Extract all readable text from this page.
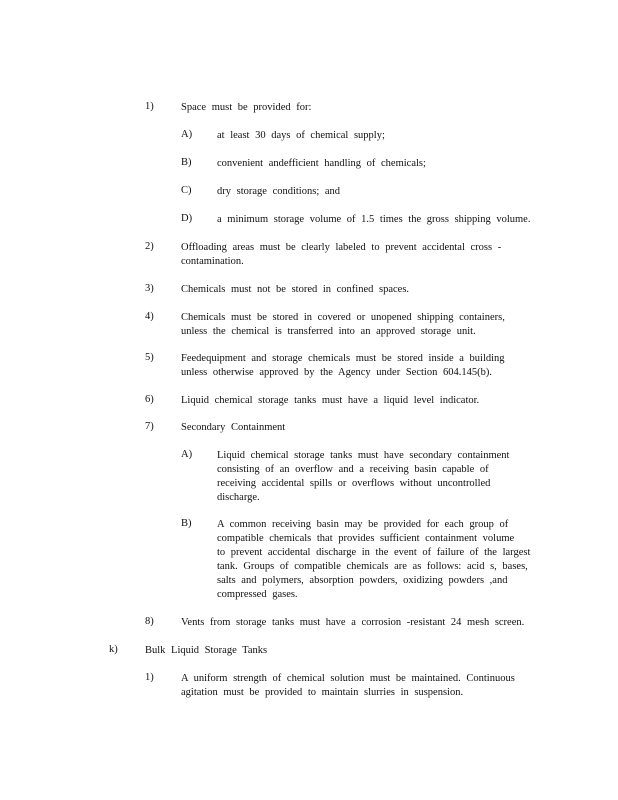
1)	Space must be provided for:
A) at least 30 days of chemical supply;
B) convenient andefficient handling of chemicals;
C) dry storage conditions; and
D) a minimum storage volume of 1.5 times the gross shipping volume.
2)	Offloading areas must be clearly labeled to prevent accidental cross -
contamination.
3)	Chemicals must not be stored in confined spaces.
4)	Chemicals must be stored in covered or unopened shipping containers,
unless the chemical is transferred into an approved storage unit.
5)	Feedequipment and storage chemicals must be stored inside a building
unless otherwise approved by the Agency under Section 604.145(b).
6)	Liquid chemical storage tanks must have a liquid level indicator.
7)	Secondary Containment
A) Liquid chemical storage tanks must have secondary containment
consisting of an overflow and a receiving basin capable of
receiving accidental spills or overflows without uncontrolled
discharge.
B) A common receiving basin may be provided for each group of
compatible chemicals that provides sufficient containment volume
to prevent accidental discharge in the event of failure of the largest
tank. Groups of compatible chemicals are as follows: acid s, bases,
salts and polymers, absorption powders, oxidizing powders ,and
compressed gases.
8)	Vents from storage tanks must have a corrosion -resistant 24 mesh screen.
k)	Bulk Liquid Storage Tanks
1)	A uniform strength of chemical solution must be maintained. Continuous
agitation must be provided to maintain slurries in suspension.
